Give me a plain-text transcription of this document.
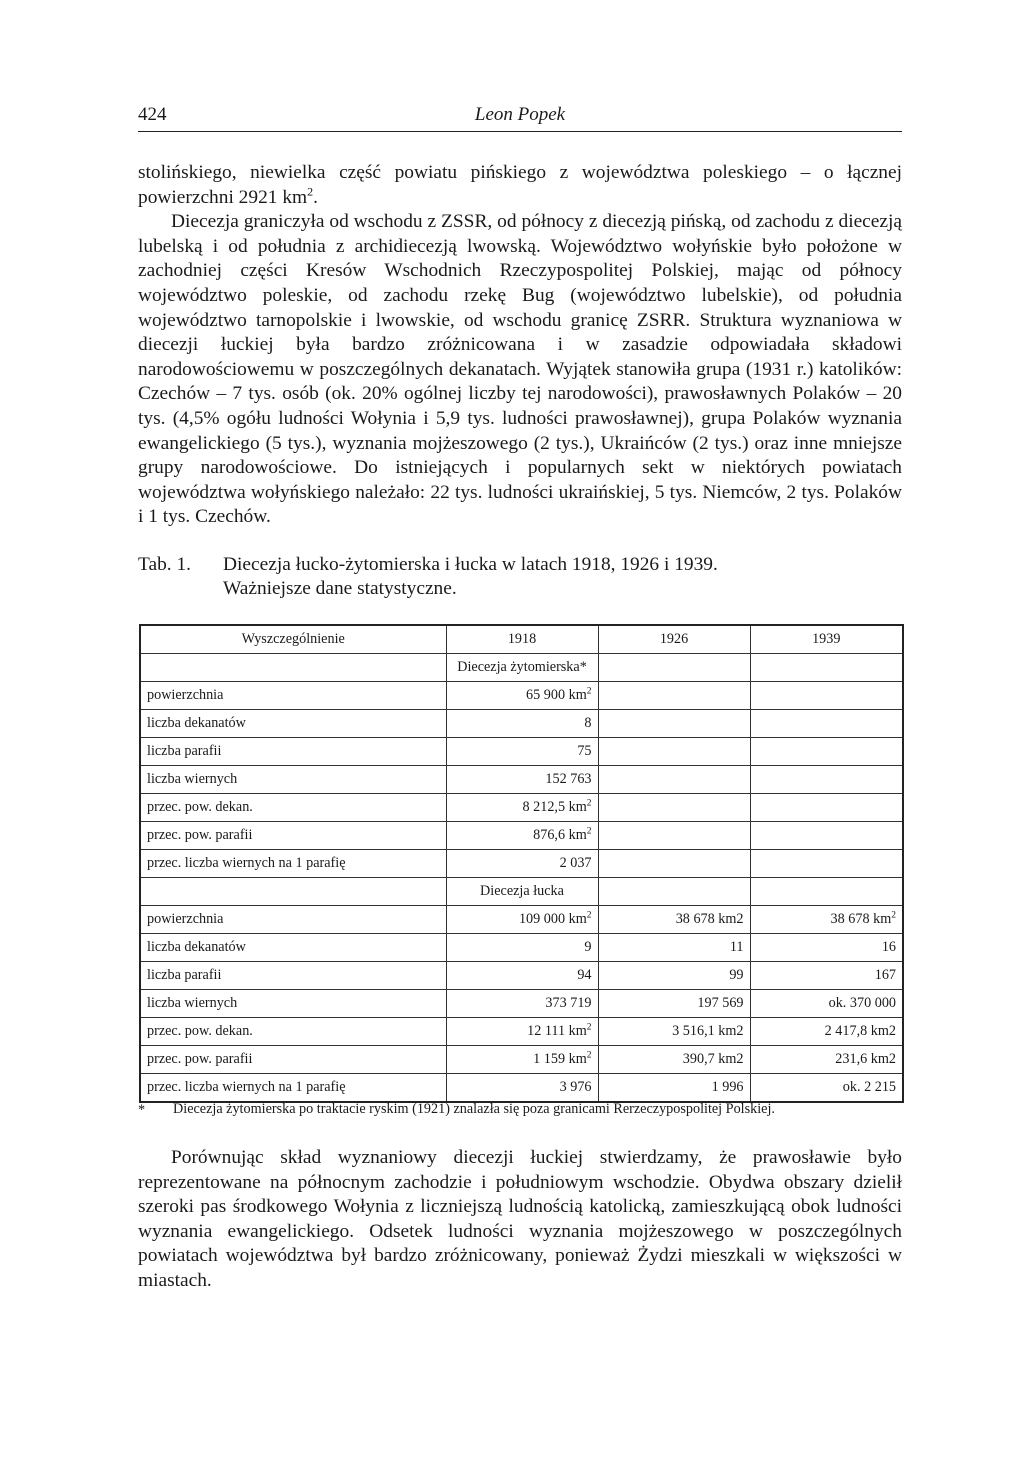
424	Leon Popek

stolińskiego, niewielka część powiatu pińskiego z województwa poleskiego – o łącznej powierzchni 2921 $km^2$.

Diecezja graniczyła od wschodu z ZSSR, od północy z diecezją pińską, od zachodu z diecezją lubelską i od południa z archidiecezją lwowską. Województwo wołyńskie było położone w zachodniej części Kresów Wschodnich Rzeczypospolitej Polskiej, mając od północy województwo poleskie, od zachodu rzekę Bug (województwo lubelskie), od południa województwo tarnopolskie i lwowskie, od wschodu granicę ZSRR. Struktura wyznaniowa w diecezji łuckiej była bardzo zróżnicowana i w zasadzie odpowiadała składowi narodowościowemu w poszczególnych dekanatach. Wyjątek stanowiła grupa (1931 r.) katolików: Czechów – 7 tys. osób (ok. 20% ogólnej liczby tej narodowości), prawosławnych Polaków – 20 tys. (4,5% ogółu ludności Wołynia i 5,9 tys. ludności prawosławnej), grupa Polaków wyznania ewangelickiego (5 tys.), wyznania mojżeszowego (2 tys.), Ukraińców (2 tys.) oraz inne mniejsze grupy narodowościowe. Do istniejących i popularnych sekt w niektórych powiatach województwa wołyńskiego należało: 22 tys. ludności ukraińskiej, 5 tys. Niemców, 2 tys. Polaków i 1 tys. Czechów.

Tab. 1. Diecezja łucko-żytomierska i łucka w latach 1918, 1926 i 1939.
Ważniejsze dane statystyczne.
Wyszczególnienie	1918	1926	1939
	Diecezja żytomierska*		
powierzchnia	65 900 $km^2$		
liczba dekanatów	8		
liczba parafii	75		
liczba wiernych	152 763		
przec. pow. dekan.	8 212,5 $km^2$		
przec. pow. parafii	876,6 $km^2$		
przec. liczba wiernych na 1 parafię	2 037		
	Diecezja łucka		
powierzchnia	109 000 $km^2$	38 678 km2	38 678 $km^2$
liczba dekanatów	9	11	16
liczba parafii	94	99	167
liczba wiernych	373 719	197 569	ok. 370 000
przec. pow. dekan.	12 111 $km^2$	3 516,1 km2	2 417,8 km2
przec. pow. parafii	1 159 $km^2$	390,7 km2	231,6 km2
przec. liczba wiernych na 1 parafię	3 976	1 996	ok. 2 215
* Diecezja żytomierska po traktacie ryskim (1921) znalazła się poza granicami Rerzeczypospolitej Polskiej.

Porównując skład wyznaniowy diecezji łuckiej stwierdzamy, że prawosławie było reprezentowane na północnym zachodzie i południowym wschodzie. Obydwa obszary dzielił szeroki pas środkowego Wołynia z liczniejszą ludnością katolicką, zamieszkującą obok ludności wyznania ewangelickiego. Odsetek ludności wyznania mojżeszowego w poszczególnych powiatach województwa był bardzo zróżnicowany, ponieważ Żydzi mieszkali w większości w miastach.
